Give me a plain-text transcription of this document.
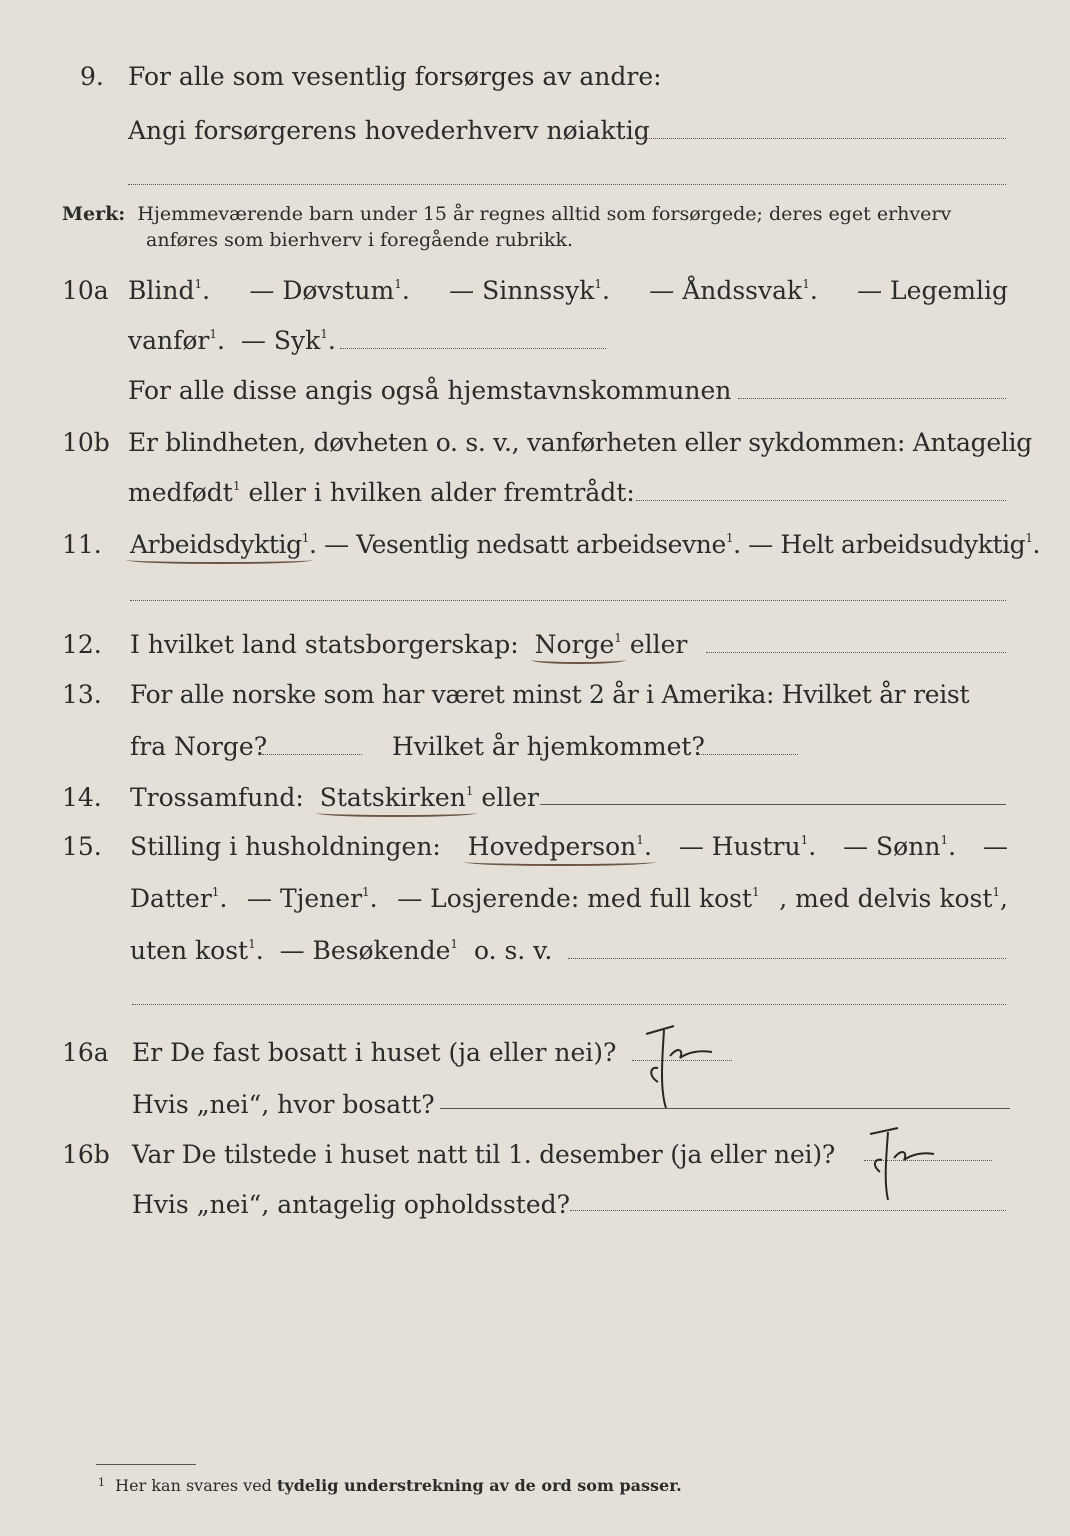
9. For alle som vesentlig forsørges av andre:
Angi forsørgerens hovederhverv nøiaktig
Merk: Hjemmeværende barn under 15 år regnes alltid som forsørgede; deres eget erhverv
anføres som bierhverv i foregående rubrikk.
10a Blind$^1$. — Døvstum$^1$. — Sinnssyk$^1$. — Åndssvak$^1$. — Legemlig
vanfør$^1$.  — Syk$^1$.
For alle disse angis også hjemstavnskommunen
10b Er blindheten, døvheten o. s. v., vanførheten eller sykdommen: Antagelig
medfødt$^1$ eller i hvilken alder fremtrådt:
11. Arbeidsdyktig$^1$. — Vesentlig nedsatt arbeidsevne$^1$. — Helt arbeidsudyktig$^1$.
12. I hvilket land statsborgerskap: Norge$^1$ eller
13. For alle norske som har været minst 2 år i Amerika: Hvilket år reist
fra Norge?	Hvilket år hjemkommet?
14. Trossamfund: Statskirken$^1$ eller
15. Stilling i husholdningen: Hovedperson$^1$. — Hustru$^1$. — Sønn$^1$. —
Datter$^1$. — Tjener$^1$. — Losjerende: med full kost$^1$ , med delvis kost$^1$,
uten kost$^1$.  — Besøkende$^1$ o. s. v.
16a Er De fast bosatt i huset (ja eller nei)?
Hvis „nei“, hvor bosatt?
16b Var De tilstede i huset natt til 1. desember (ja eller nei)?
Hvis „nei“, antagelig opholdssted?
$^1$ Her kan svares ved tydelig understrekning av de ord som passer.
